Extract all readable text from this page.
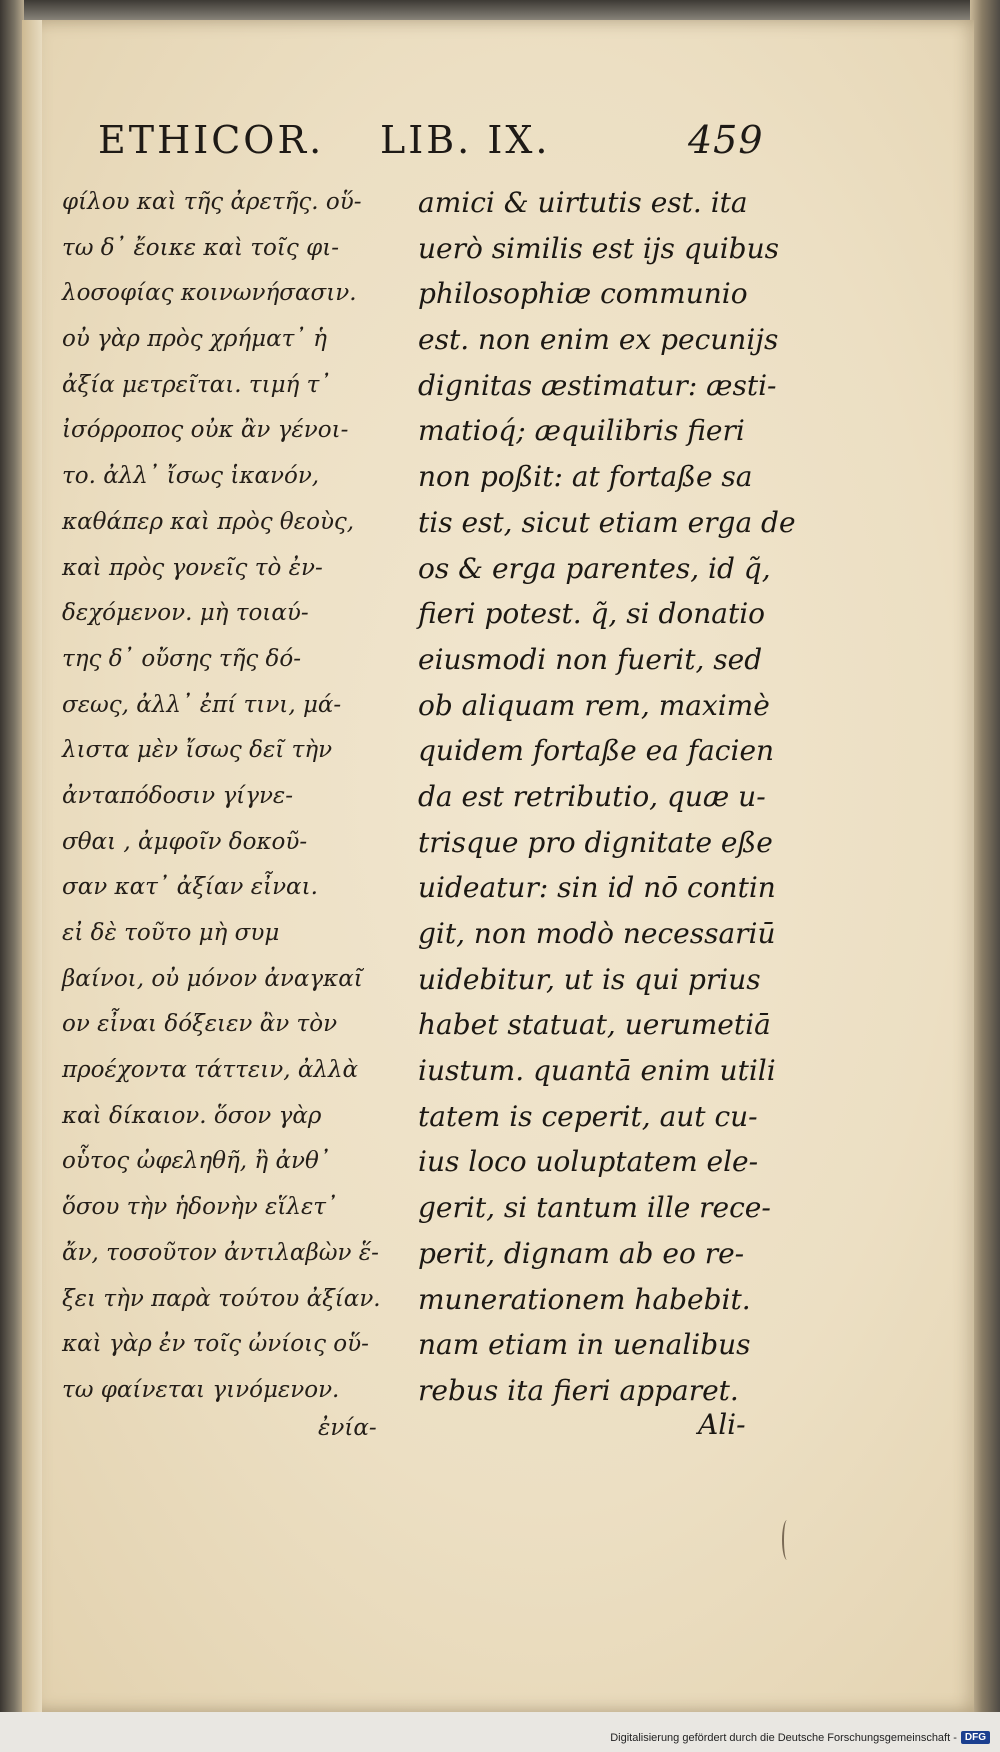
ETHICOR. LIB. IX.	459
φίλου καὶ τῆς ἀρετῆς. οὕ-
τω δ᾿ ἔοικε καὶ τοῖς φι-
λοσοφίας κοινωνήσασιν.
οὐ γὰρ πρὸς χρήματ᾿ ἡ
ἀξία μετρεῖται. τιμή τ᾿
ἰσόρροπος οὐκ ἂν γένοι-
το. ἀλλ᾿ ἴσως ἱκανόν,
καθάπερ καὶ πρὸς θεοὺς,
καὶ πρὸς γονεῖς τὸ ἐν-
δεχόμενον. μὴ τοιαύ-
της δ᾿ οὔσης τῆς δό-
σεως, ἀλλ᾿ ἐπί τινι, μά-
λιστα μὲν ἴσως δεῖ τὴν
ἀνταπόδοσιν γίγνε-
σθαι , ἀμφοῖν δοκοῦ-
σαν κατ᾿ ἀξίαν εἶναι.
εἰ δὲ τοῦτο μὴ συμ
βαίνοι, οὐ μόνον ἀναγκαῖ
ον εἶναι δόξειεν ἂν τὸν
προέχοντα τάττειν, ἀλλὰ
καὶ δίκαιον. ὅσον γὰρ
οὗτος ὠφεληθῆ, ἢ ἀνθ᾿
ὅσου τὴν ἡδονὴν εἵλετ᾿
ἄν, τοσοῦτον ἀντιλαβὼν ἕ-
ξει τὴν παρὰ τούτου ἀξίαν.
καὶ γὰρ ἐν τοῖς ὠνίοις οὕ-
τω φαίνεται γινόμενον.
amici & uirtutis est. ita
uerò similis est ijs quibus
philosophiæ communio
est. non enim ex pecunijs
dignitas æstimatur: æsti-
matioq́; æquilibris fieri
non poßit: at fortaße sa
tis est, sicut etiam erga de
os & erga parentes, id q̃,
fieri potest. q̃, si donatio
eiusmodi non fuerit, sed
ob aliquam rem, maximè
quidem fortaße ea facien
da est retributio, quæ u-
trisque pro dignitate eße
uideatur: sin id nō contin
git, non modò necessariū
uidebitur, ut is qui prius
habet statuat, uerumetiā
iustum. quantā enim utili
tatem is ceperit, aut cu-
ius loco uoluptatem ele-
gerit, si tantum ille rece-
perit, dignam ab eo re-
munerationem habebit.
nam etiam in uenalibus
rebus ita fieri apparet.
ἐνία-	Ali-
Digitalisierung gefördert durch die Deutsche Forschungsgemeinschaft - DFG
